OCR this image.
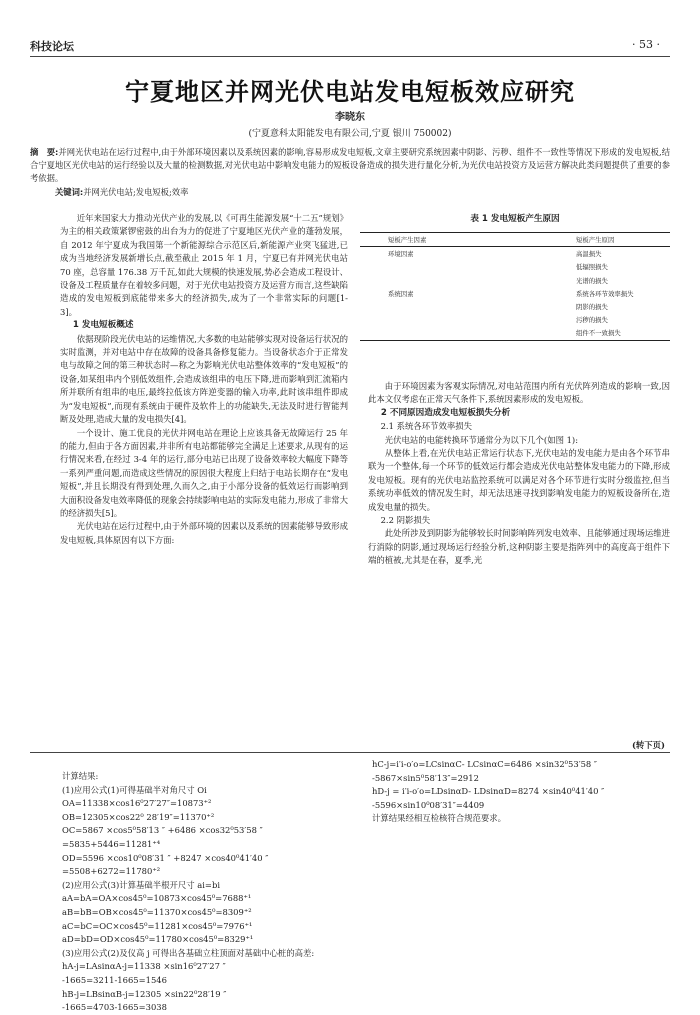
科技论坛	· 53 ·
宁夏地区并网光伏电站发电短板效应研究
李晓东
(宁夏意科太阳能发电有限公司,宁夏 银川 750002)
摘　要:并网光伏电站在运行过程中,由于外部环境因素以及系统因素的影响,容易形成发电短板,文章主要研究系统因素中阴影、污秽、组件不一致性等情况下形成的发电短板,结合宁夏地区光伏电站的运行经验以及大量的检测数据,对光伏电站中影响发电能力的短板设备造成的损失进行量化分析,为光伏电站投资方及运营方解决此类问题提供了重要的参考依据。
关键词:并网光伏电站;发电短板;效率

近年来国家大力推动光伏产业的发展,以《可再生能源发展“十二五”规划》为主的相关政策紧锣密鼓的出台为力的促进了宁夏地区光伏产业的蓬勃发展，自 2012 年宁夏成为我国第一个新能源综合示范区后,新能源产业突飞猛进,已成为当地经济发展新增长点,截至截止 2015 年 1 月，宁夏已有并网光伏电站 70 座，总容量 176.38 万千瓦,如此大规模的快速发展,势必会造成工程设计、设备及工程质量存在着较多问题，对于光伏电站投资方及运营方而言,这些缺陷造成的发电短板到底能带来多大的经济损失,成为了一个非常实际的问题[1-3]。

1 发电短板概述

依据现阶段光伏电站的运维情况,大多数的电站能够实现对设备运行状况的实时监测，并对电站中存在故障的设备具备修复能力。当设备状态介于正常发电与故障之间的第三种状态时—称之为影响光伏电站整体效率的“发电短板”的设备,如某组串内个别低效组件,会造成该组串的电压下降,进而影响到汇流箱内所并联所有组串的电压,最终拉低该方阵逆变器的输入功率,此时该串组件即成为“发电短板”,而现有系统由于硬件及软件上的功能缺失,无法及时进行智能判断及处理,造成大量的发电损失[4]。

一个设计、施工优良的光伏并网电站在理论上应该具备无故障运行 25 年的能力,但由于各方面因素,并非所有电站都能够完全满足上述要求,从现有的运行情况来看,在经过 3-4 年的运行,部分电站已出现了设备效率较大幅度下降等一系列严重问题,而造成这些情况的原因很大程度上归结于电站长期存在“发电短板”,并且长期没有得到处理,久而久之,由于小部分设备的低效运行而影响到大面积设备发电效率降低的现象会持续影响电站的实际发电能力,形成了非常大的经济损失[5]。

光伏电站在运行过程中,由于外部环境的因素以及系统的因素能够导致形成发电短板,具体原因有以下方面:

表 1 发电短板产生原因
短板产生因素	短板产生原因
环境因素	高温损失
	低辐照损失
	光谱的损失
系统因素	系统各环节效率损失
	阴影的损失
	污秽的损失
	组件不一致损失

由于环境因素为客观实际情况,对电站范围内所有光伏阵列造成的影响一致,因此本文仅考虑在正常天气条件下,系统因素形成的发电短板。

2 不同原因造成发电短板损失分析
2.1 系统各环节效率损失

光伏电站的电能转换环节通常分为以下几个(如图 1):

从整体上看,在光伏电站正常运行状态下,光伏电站的发电能力是由各个环节串联为一个整体,每一个环节的低效运行都会造成光伏电站整体发电能力的下降,形成发电短板。现有的光伏电站监控系统可以满足对各个环节进行实时分级监控,但当系统功率低效的情况发生时，却无法迅速寻找到影响发电能力的短板设备所在,造成发电量的损失。

2.2 阴影损失

此处所涉及到阴影为能够较长时间影响阵列发电效率、且能够通过现场运维进行消除的阴影,通过现场运行经验分析,这种阴影主要是指阵列中的高度高于组件下端的植被,尤其是在春，夏季,光

(转下页)
计算结果:
(1)应用公式(1)可得基础半对角尺寸 Oi
OA=11338×cos16⁰27′27″=10873⁺²
OB=12305×cos22⁰ 28′19″=11370⁺²
OC=5867 ×cos5⁰58′13 ″ +6486 ×cos32⁰53′58 ″
=5835+5446=11281⁺⁴
OD=5596 ×cos10⁰08′31 ″ +8247 ×cos40⁰41′40 ″
=5508+6272=11780⁺²
(2)应用公式(3)计算基础半根开尺寸 ai=bi
aA=bA=OA×cos45⁰=10873×cos45⁰=7688⁺¹
aB=bB=OB×cos45⁰=11370×cos45⁰=8309⁺²
aC=bC=OC×cos45⁰=11281×cos45⁰=7976⁺¹
aD=bD=OD×cos45⁰=11780×cos45⁰=8329⁺¹
(3)应用公式(2)及仪高 j 可得出各基础立柱顶面对基础中心桩的高差:
hA-j=LAsinαA-j=11338 ×sin16⁰27′27 ″
-1665=3211-1665=1546
hB-j=LBsinαB-j=12305 ×sin22⁰28′19 ″
-1665=4703-1665=3038
hC-j=i′i-o′o=LCsinαC- LCsinαC=6486 ×sin32⁰53′58 ″
-5867×sin5⁰58′13″=2912
hD-j = i′i-o′o=LDsinαD- LDsinαD=8274 ×sin40⁰41′40 ″
-5596×sin10⁰08′31″=4409
计算结果经相互检核符合规范要求。
